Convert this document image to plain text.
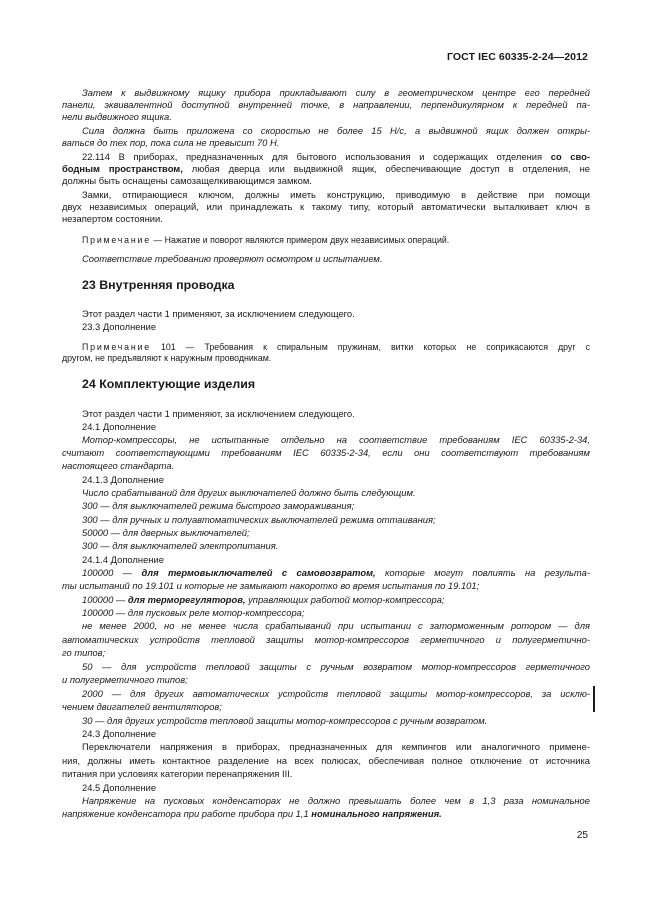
ГОСТ IEC 60335-2-24—2012
Затем к выдвижному ящику прибора прикладывают силу в геометрическом центре его передней
панели, эквивалентной доступной внутренней точке, в направлении, перпендикулярном к передней па-
нели выдвижного ящика.
Сила должна быть приложена со скоростью не более 15 Н/с, а выдвижной ящик должен откры-
ваться до тех пор, пока сила не превысит 70 Н.
22.114 В приборах, предназначенных для бытового использования и содержащих отделения со сво-
бодным пространством, любая дверца или выдвижной ящик, обеспечивающие доступ в отделения, не
должны быть оснащены самозащелкивающимся замком.
Замки, отпирающиеся ключом, должны иметь конструкцию, приводимую в действие при помощи
двух независимых операций, или принадлежать к такому типу, который автоматически выталкивает ключ в
незапертом состоянии.
Примечание — Нажатие и поворот являются примером двух независимых операций.
Соответствие требованию проверяют осмотром и испытанием.
23 Внутренняя проводка
Этот раздел части 1 применяют, за исключением следующего.
23.3 Дополнение
Примечание 101 — Требования к спиральным пружинам, витки которых не соприкасаются друг с
другом, не предъявляют к наружным проводникам.
24 Комплектующие изделия
Этот раздел части 1 применяют, за исключением следующего.
24.1 Дополнение
Мотор-компрессоры, не испытанные отдельно на соответствие требованиям IEC 60335-2-34,
считают соответствующими требованиям IEC 60335-2-34, если они соответствуют требованиям
настоящего стандарта.
24.1.3 Дополнение
Число срабатываний для других выключателей должно быть следующим.
300 — для выключателей режима быстрого замораживания;
300 — для ручных и полуавтоматических выключателей режима оттаивания;
50000 — для дверных выключателей;
300 — для выключателей электропитания.
24.1.4 Дополнение
100000 — для термовыключателей с самовозвратом, которые могут повлиять на результа-
ты испытаний по 19.101 и которые не замыкают накоротко во время испытания по 19.101;
100000 — для терморегуляторов, управляющих работой мотор-компрессора;
100000 — для пусковых реле мотор-компрессора;
не менее 2000, но не менее числа срабатываний при испытании с заторможенным ротором — для
автоматических устройств тепловой защиты мотор-компрессоров герметичного и полугерметично-
го типов;
50 — для устройств тепловой защиты с ручным возвратом мотор-компрессоров герметичного
и полугерметичного типов;
2000 — для других автоматических устройств тепловой защиты мотор-компрессоров, за исклю-
чением двигателей вентиляторов;
30 — для других устройств тепловой защиты мотор-компрессоров с ручным возвратом.
24.3 Дополнение
Переключатели напряжения в приборах, предназначенных для кемпингов или аналогичного примене-
ния, должны иметь контактное разделение на всех полюсах, обеспечивая полное отключение от источника
питания при условиях категории перенапряжения III.
24.5 Дополнение
Напряжение на пусковых конденсаторах не должно превышать более чем в 1,3 раза номинальное
напряжение конденсатора при работе прибора при 1,1 номинального напряжения.
25
